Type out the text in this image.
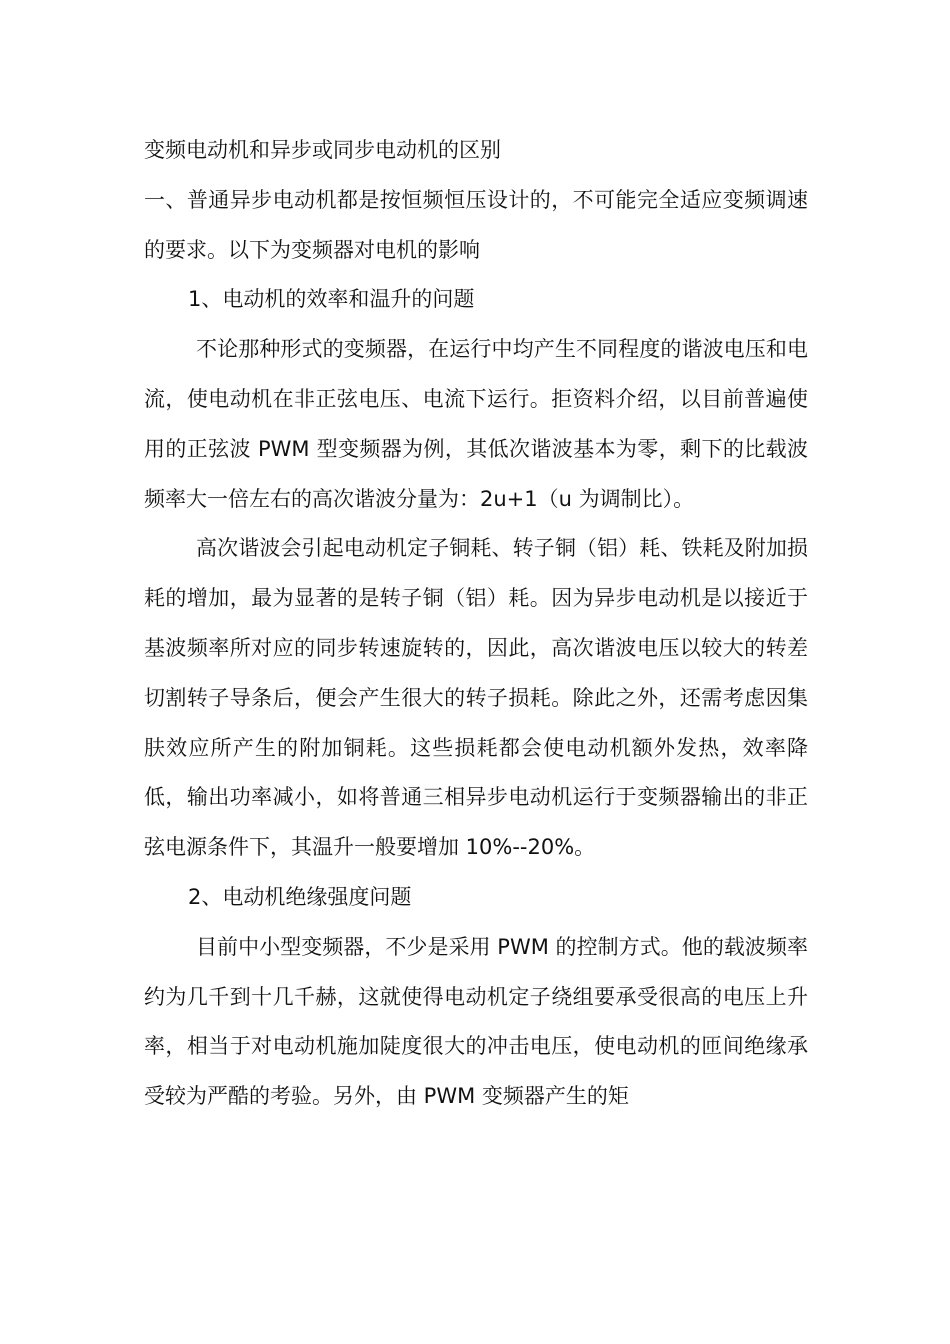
变频电动机和异步或同步电动机的区别

一、普通异步电动机都是按恒频恒压设计的，不可能完全适应变频调速的要求。以下为变频器对电机的影响

1、电动机的效率和温升的问题

不论那种形式的变频器，在运行中均产生不同程度的谐波电压和电流，使电动机在非正弦电压、电流下运行。拒资料介绍，以目前普遍使用的正弦波 PWM 型变频器为例，其低次谐波基本为零，剩下的比载波频率大一倍左右的高次谐波分量为：2u+1（u 为调制比）。

高次谐波会引起电动机定子铜耗、转子铜（铝）耗、铁耗及附加损耗的增加，最为显著的是转子铜（铝）耗。因为异步电动机是以接近于基波频率所对应的同步转速旋转的，因此，高次谐波电压以较大的转差切割转子导条后，便会产生很大的转子损耗。除此之外，还需考虑因集肤效应所产生的附加铜耗。这些损耗都会使电动机额外发热，效率降低，输出功率减小，如将普通三相异步电动机运行于变频器输出的非正弦电源条件下，其温升一般要增加 10%--20%。

2、电动机绝缘强度问题

目前中小型变频器，不少是采用 PWM 的控制方式。他的载波频率约为几千到十几千赫，这就使得电动机定子绕组要承受很高的电压上升率，相当于对电动机施加陡度很大的冲击电压，使电动机的匝间绝缘承受较为严酷的考验。另外，由 PWM 变频器产生的矩
